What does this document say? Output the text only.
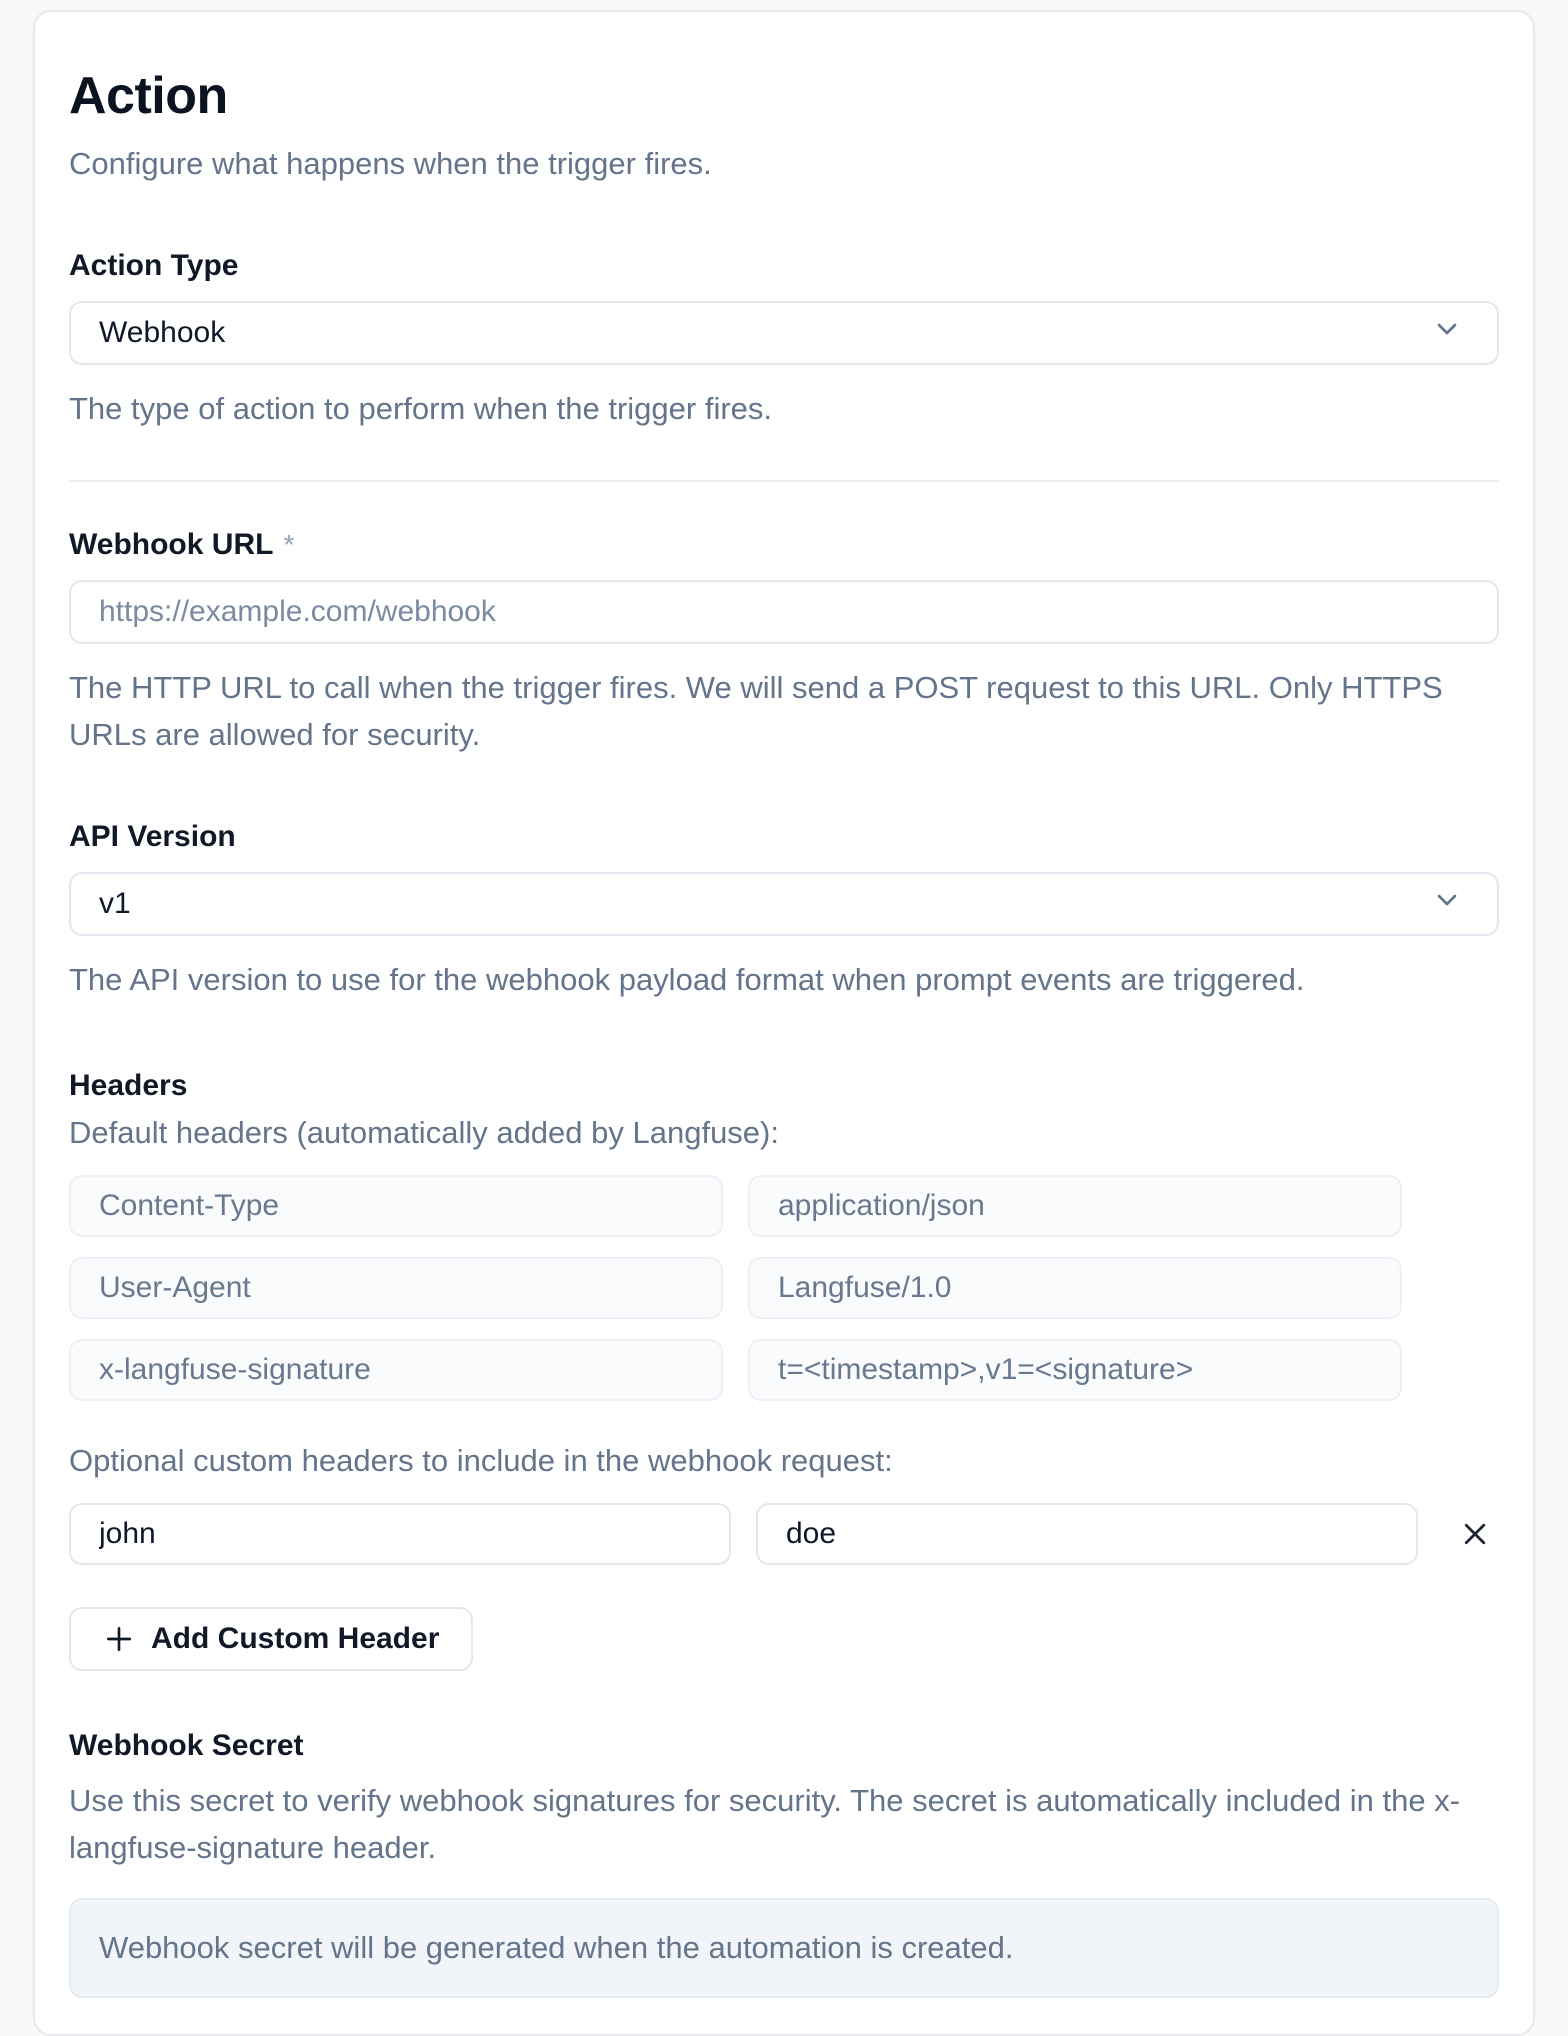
Action
Configure what happens when the trigger fires.
Action Type
Webhook
The type of action to perform when the trigger fires.
Webhook URL *
https://example.com/webhook
The HTTP URL to call when the trigger fires. We will send a POST request to this URL. Only HTTPS URLs are allowed for security.
API Version
v1
The API version to use for the webhook payload format when prompt events are triggered.
Headers
Default headers (automatically added by Langfuse):
Content-Type
application/json
User-Agent
Langfuse/1.0
x-langfuse-signature
t=<timestamp>,v1=<signature>
Optional custom headers to include in the webhook request:
john
doe
Add Custom Header
Webhook Secret
Use this secret to verify webhook signatures for security. The secret is automatically included in the x-langfuse-signature header.
Webhook secret will be generated when the automation is created.
